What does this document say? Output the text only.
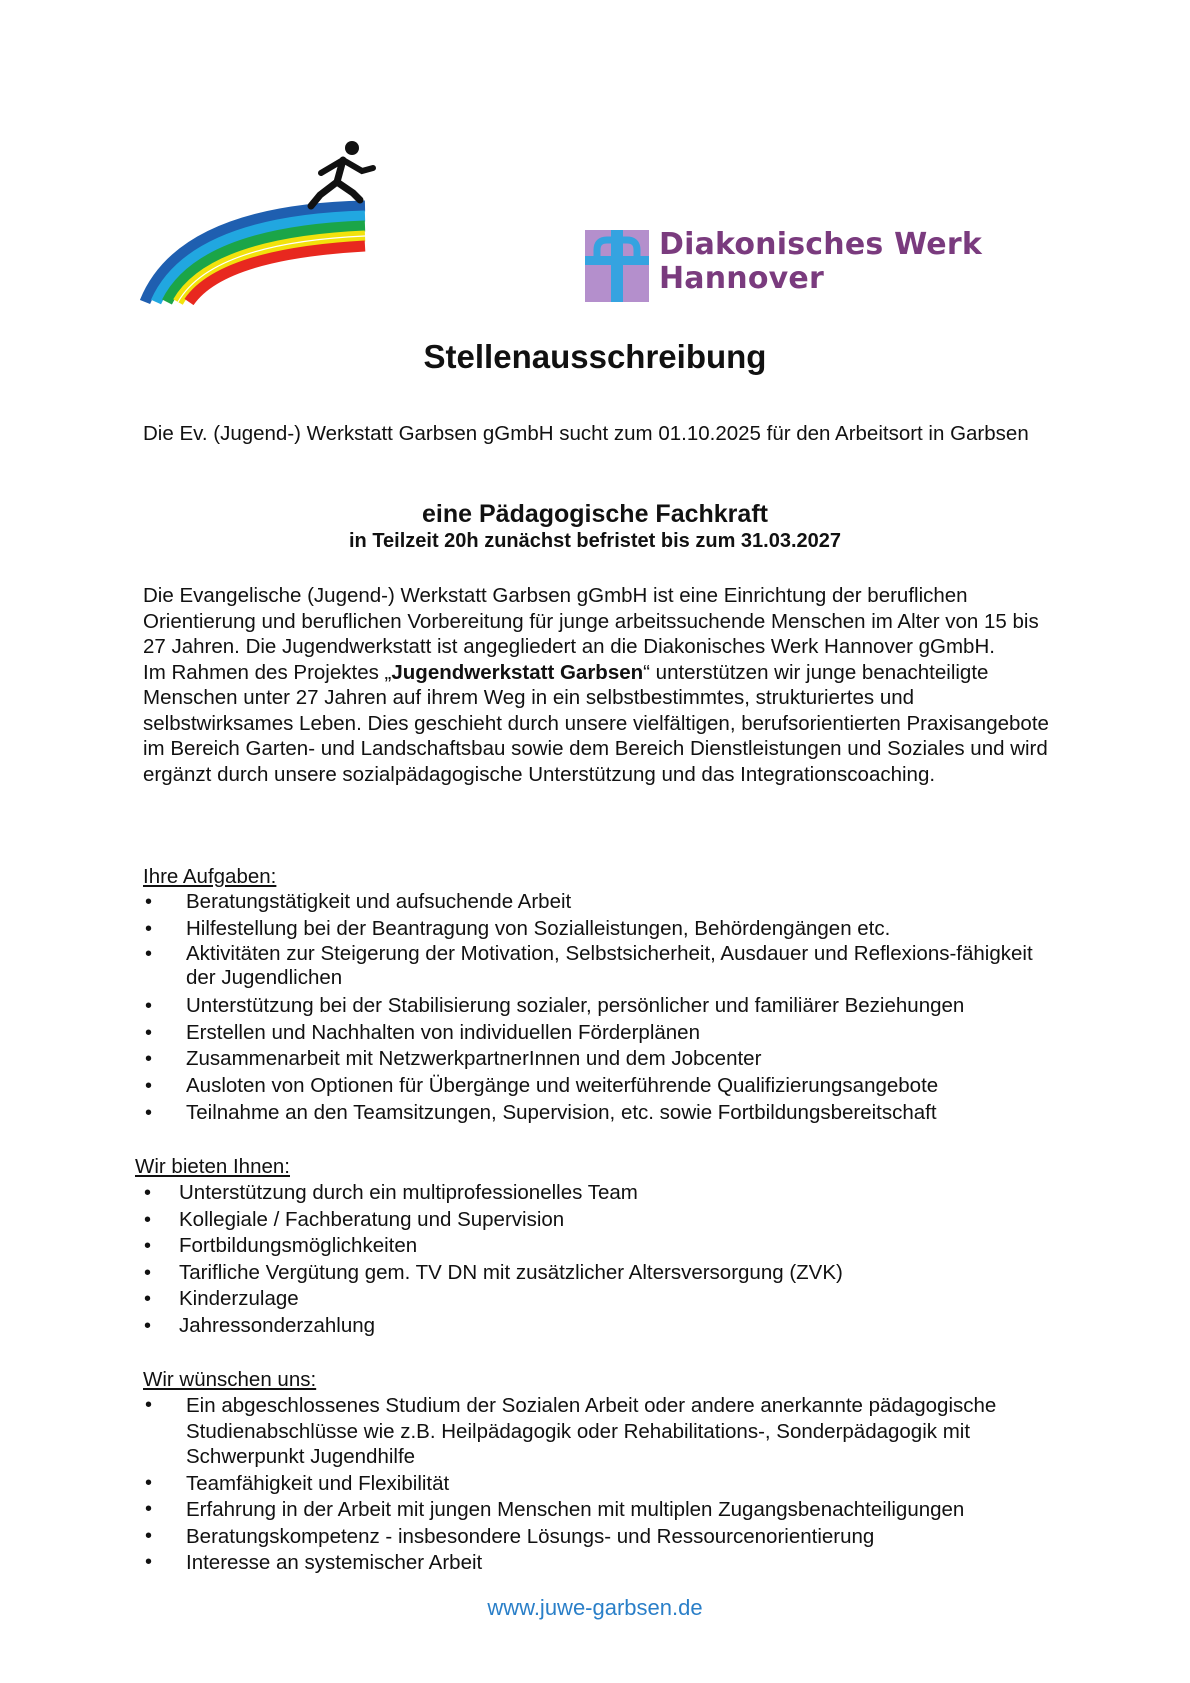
Diakonisches Werk
Hannover
Stellenausschreibung
Die Ev. (Jugend-) Werkstatt Garbsen gGmbH sucht zum 01.10.2025 für den Arbeitsort in Garbsen
eine Pädagogische Fachkraft
in Teilzeit 20h zunächst befristet bis zum 31.03.2027
Die Evangelische (Jugend-) Werkstatt Garbsen gGmbH ist eine Einrichtung der beruflichen Orientierung und beruflichen Vorbereitung für junge arbeitssuchende Menschen im Alter von 15 bis 27 Jahren. Die Jugendwerkstatt ist angegliedert an die Diakonisches Werk Hannover gGmbH.
Im Rahmen des Projektes „Jugendwerkstatt Garbsen“ unterstützen wir junge benachteiligte Menschen unter 27 Jahren auf ihrem Weg in ein selbstbestimmtes, strukturiertes und selbstwirksames Leben. Dies geschieht durch unsere vielfältigen, berufsorientierten Praxisangebote im Bereich Garten- und Landschaftsbau sowie dem Bereich Dienstleistungen und Soziales und wird ergänzt durch unsere sozialpädagogische Unterstützung und das Integrationscoaching.
Ihre Aufgaben:
• Beratungstätigkeit und aufsuchende Arbeit
• Hilfestellung bei der Beantragung von Sozialleistungen, Behördengängen etc.
• Aktivitäten zur Steigerung der Motivation, Selbstsicherheit, Ausdauer und Reflexions-fähigkeit der Jugendlichen
• Unterstützung bei der Stabilisierung sozialer, persönlicher und familiärer Beziehungen
• Erstellen und Nachhalten von individuellen Förderplänen
• Zusammenarbeit mit NetzwerkpartnerInnen und dem Jobcenter
• Ausloten von Optionen für Übergänge und weiterführende Qualifizierungsangebote
• Teilnahme an den Teamsitzungen, Supervision, etc. sowie Fortbildungsbereitschaft
Wir bieten Ihnen:
• Unterstützung durch ein multiprofessionelles Team
• Kollegiale / Fachberatung und Supervision
• Fortbildungsmöglichkeiten
• Tarifliche Vergütung gem. TV DN mit zusätzlicher Altersversorgung (ZVK)
• Kinderzulage
• Jahressonderzahlung
Wir wünschen uns:
• Ein abgeschlossenes Studium der Sozialen Arbeit oder andere anerkannte pädagogische Studienabschlüsse wie z.B. Heilpädagogik oder Rehabilitations-, Sonderpädagogik mit Schwerpunkt Jugendhilfe
• Teamfähigkeit und Flexibilität
• Erfahrung in der Arbeit mit jungen Menschen mit multiplen Zugangsbenachteiligungen
• Beratungskompetenz - insbesondere Lösungs- und Ressourcenorientierung
• Interesse an systemischer Arbeit
www.juwe-garbsen.de
